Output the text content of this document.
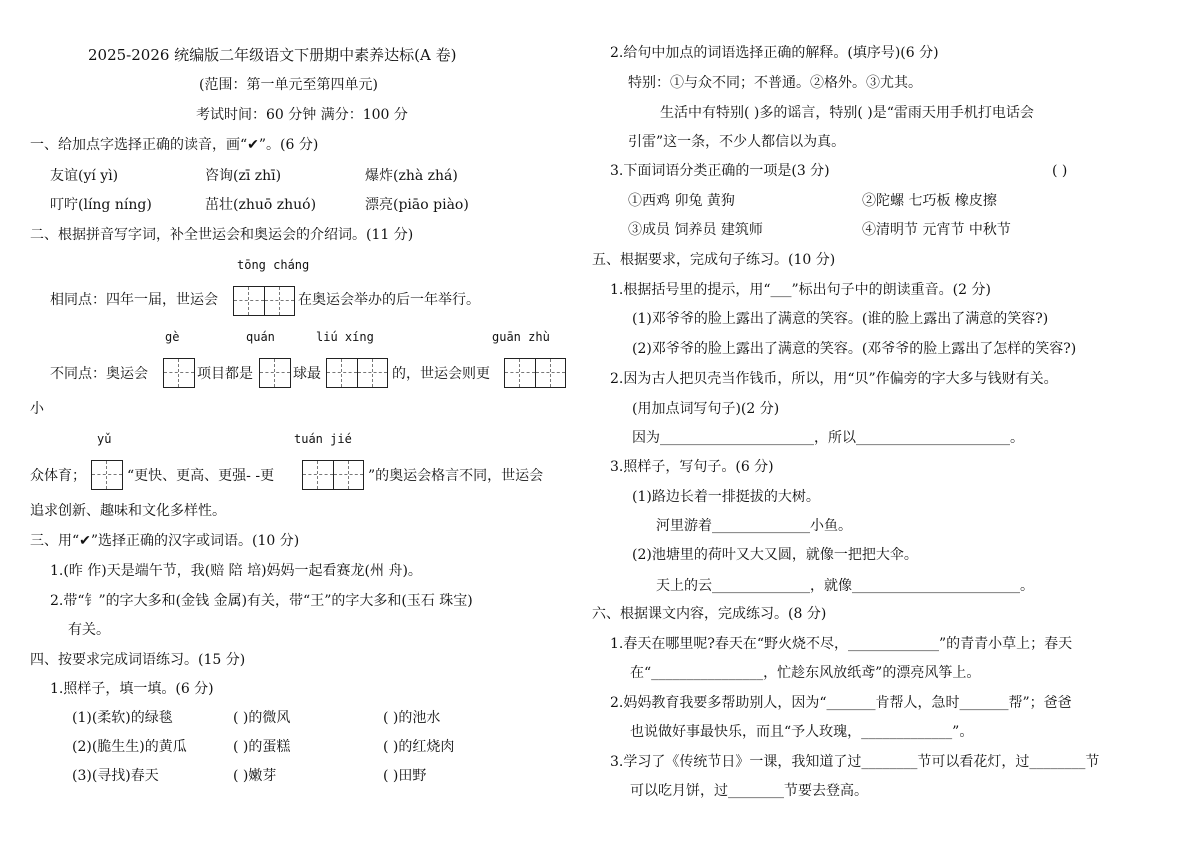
2025-2026 统编版二年级语文下册期中素养达标(A 卷)
(范围：第一单元至第四单元)
考试时间：60 分钟 满分：100 分
一、给加点字选择正确的读音，画“✔”。(6 分)
友谊(yí yì)	咨询(zī zhī)	爆炸(zhà zhá)
叮咛(líng níng)	茁壮(zhuō zhuó)	漂亮(piāo piào)
二、根据拼音写字词，补全世运会和奥运会的介绍词。(11 分)
tōng cháng
相同点：四年一届，世运会	在奥运会举办的后一年举行。
gè	quán	liú xíng	guān zhù
不同点：奥运会	项目都是	球最	的，世运会则更
小
yǔ	tuán jié
众体育；	“更快、更高、更强- -更	”的奥运会格言不同，世运会
追求创新、趣味和文化多样性。
三、用“✔”选择正确的汉字或词语。(10 分)
1.(昨 作)天是端午节，我(赔 陪 培)妈妈一起看赛龙(州 舟)。
2.带“钅”的字大多和(金钱 金属)有关，带“王”的字大多和(玉石 珠宝)
有关。
四、按要求完成词语练习。(15 分)
1.照样子，填一填。(6 分)
(1)(柔软)的绿毯	( )的微风	( )的池水
(2)(脆生生)的黄瓜	( )的蛋糕	( )的红烧肉
(3)(寻找)春天	( )嫩芽	( )田野
2.给句中加点的词语选择正确的解释。(填序号)(6 分)
特别：①与众不同；不普通。②格外。③尤其。
生活中有特别( )多的谣言，特别( )是“雷雨天用手机打电话会
引雷”这一条，不少人都信以为真。
3.下面词语分类正确的一项是(3 分)	( )
①西鸡 卯兔 黄狗	②陀螺 七巧板 橡皮擦
③成员 饲养员 建筑师	④清明节 元宵节 中秋节
五、根据要求，完成句子练习。(10 分)
1.根据括号里的提示，用“___”标出句子中的朗读重音。(2 分)
(1)邓爷爷的脸上露出了满意的笑容。(谁的脸上露出了满意的笑容?)
(2)邓爷爷的脸上露出了满意的笑容。(邓爷爷的脸上露出了怎样的笑容?)
2.因为古人把贝壳当作钱币，所以，用“贝”作偏旁的字大多与钱财有关。
(用加点词写句子)(2 分)
因为______________________，所以______________________。
3.照样子，写句子。(6 分)
(1)路边长着一排挺拔的大树。
河里游着______________小鱼。
(2)池塘里的荷叶又大又圆，就像一把把大伞。
天上的云______________，就像________________________。
六、根据课文内容，完成练习。(8 分)
1.春天在哪里呢?春天在“野火烧不尽，_____________”的青青小草上；春天
在“________________，忙趁东风放纸鸢”的漂亮风筝上。
2.妈妈教育我要多帮助别人，因为“_______肯帮人，急时_______帮”；爸爸
也说做好事最快乐，而且“予人玫瑰，_____________”。
3.学习了《传统节日》一课，我知道了过________节可以看花灯，过________节
可以吃月饼，过________节要去登高。
